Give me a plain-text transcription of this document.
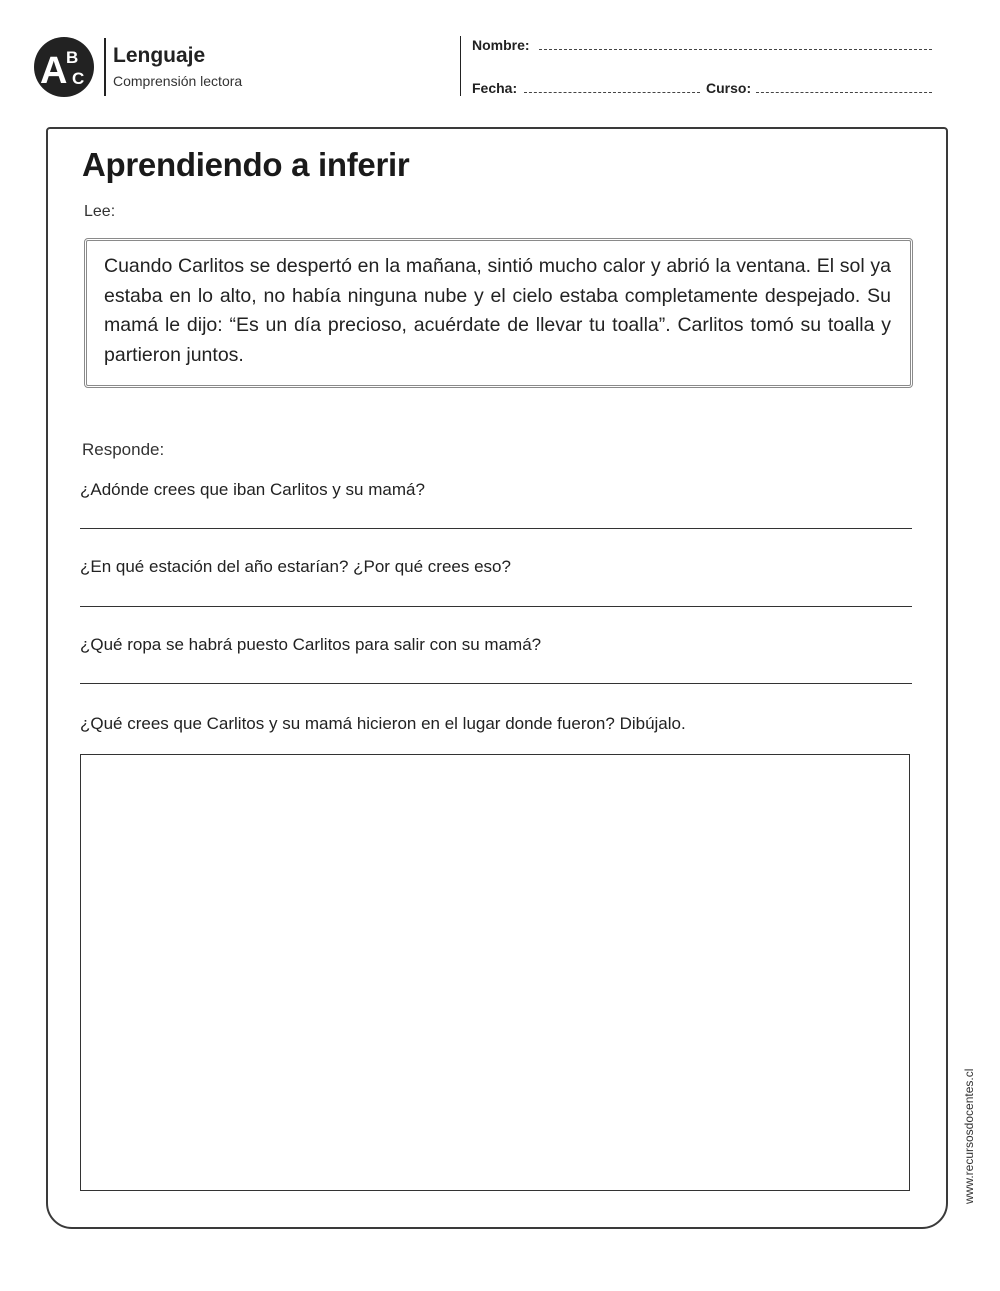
A
B
C
Lenguaje
Comprensión lectora
Nombre:
Fecha:	Curso:
Aprendiendo a inferir
Lee:
Cuando Carlitos se despertó en la mañana, sintió mucho calor y abrió la ventana. El sol ya estaba en lo alto, no había ninguna nube y el cielo estaba completamente despejado. Su mamá le dijo: “Es un día precioso, acuérdate de llevar tu toalla”. Carlitos tomó su toalla y partieron juntos.
Responde:
¿Adónde crees que iban Carlitos y su mamá?
¿En qué estación del año estarían? ¿Por qué crees eso?
¿Qué ropa se habrá puesto Carlitos para salir con su mamá?
¿Qué crees que Carlitos y su mamá hicieron en el lugar donde fueron? Dibújalo.
www.recursosdocentes.cl
